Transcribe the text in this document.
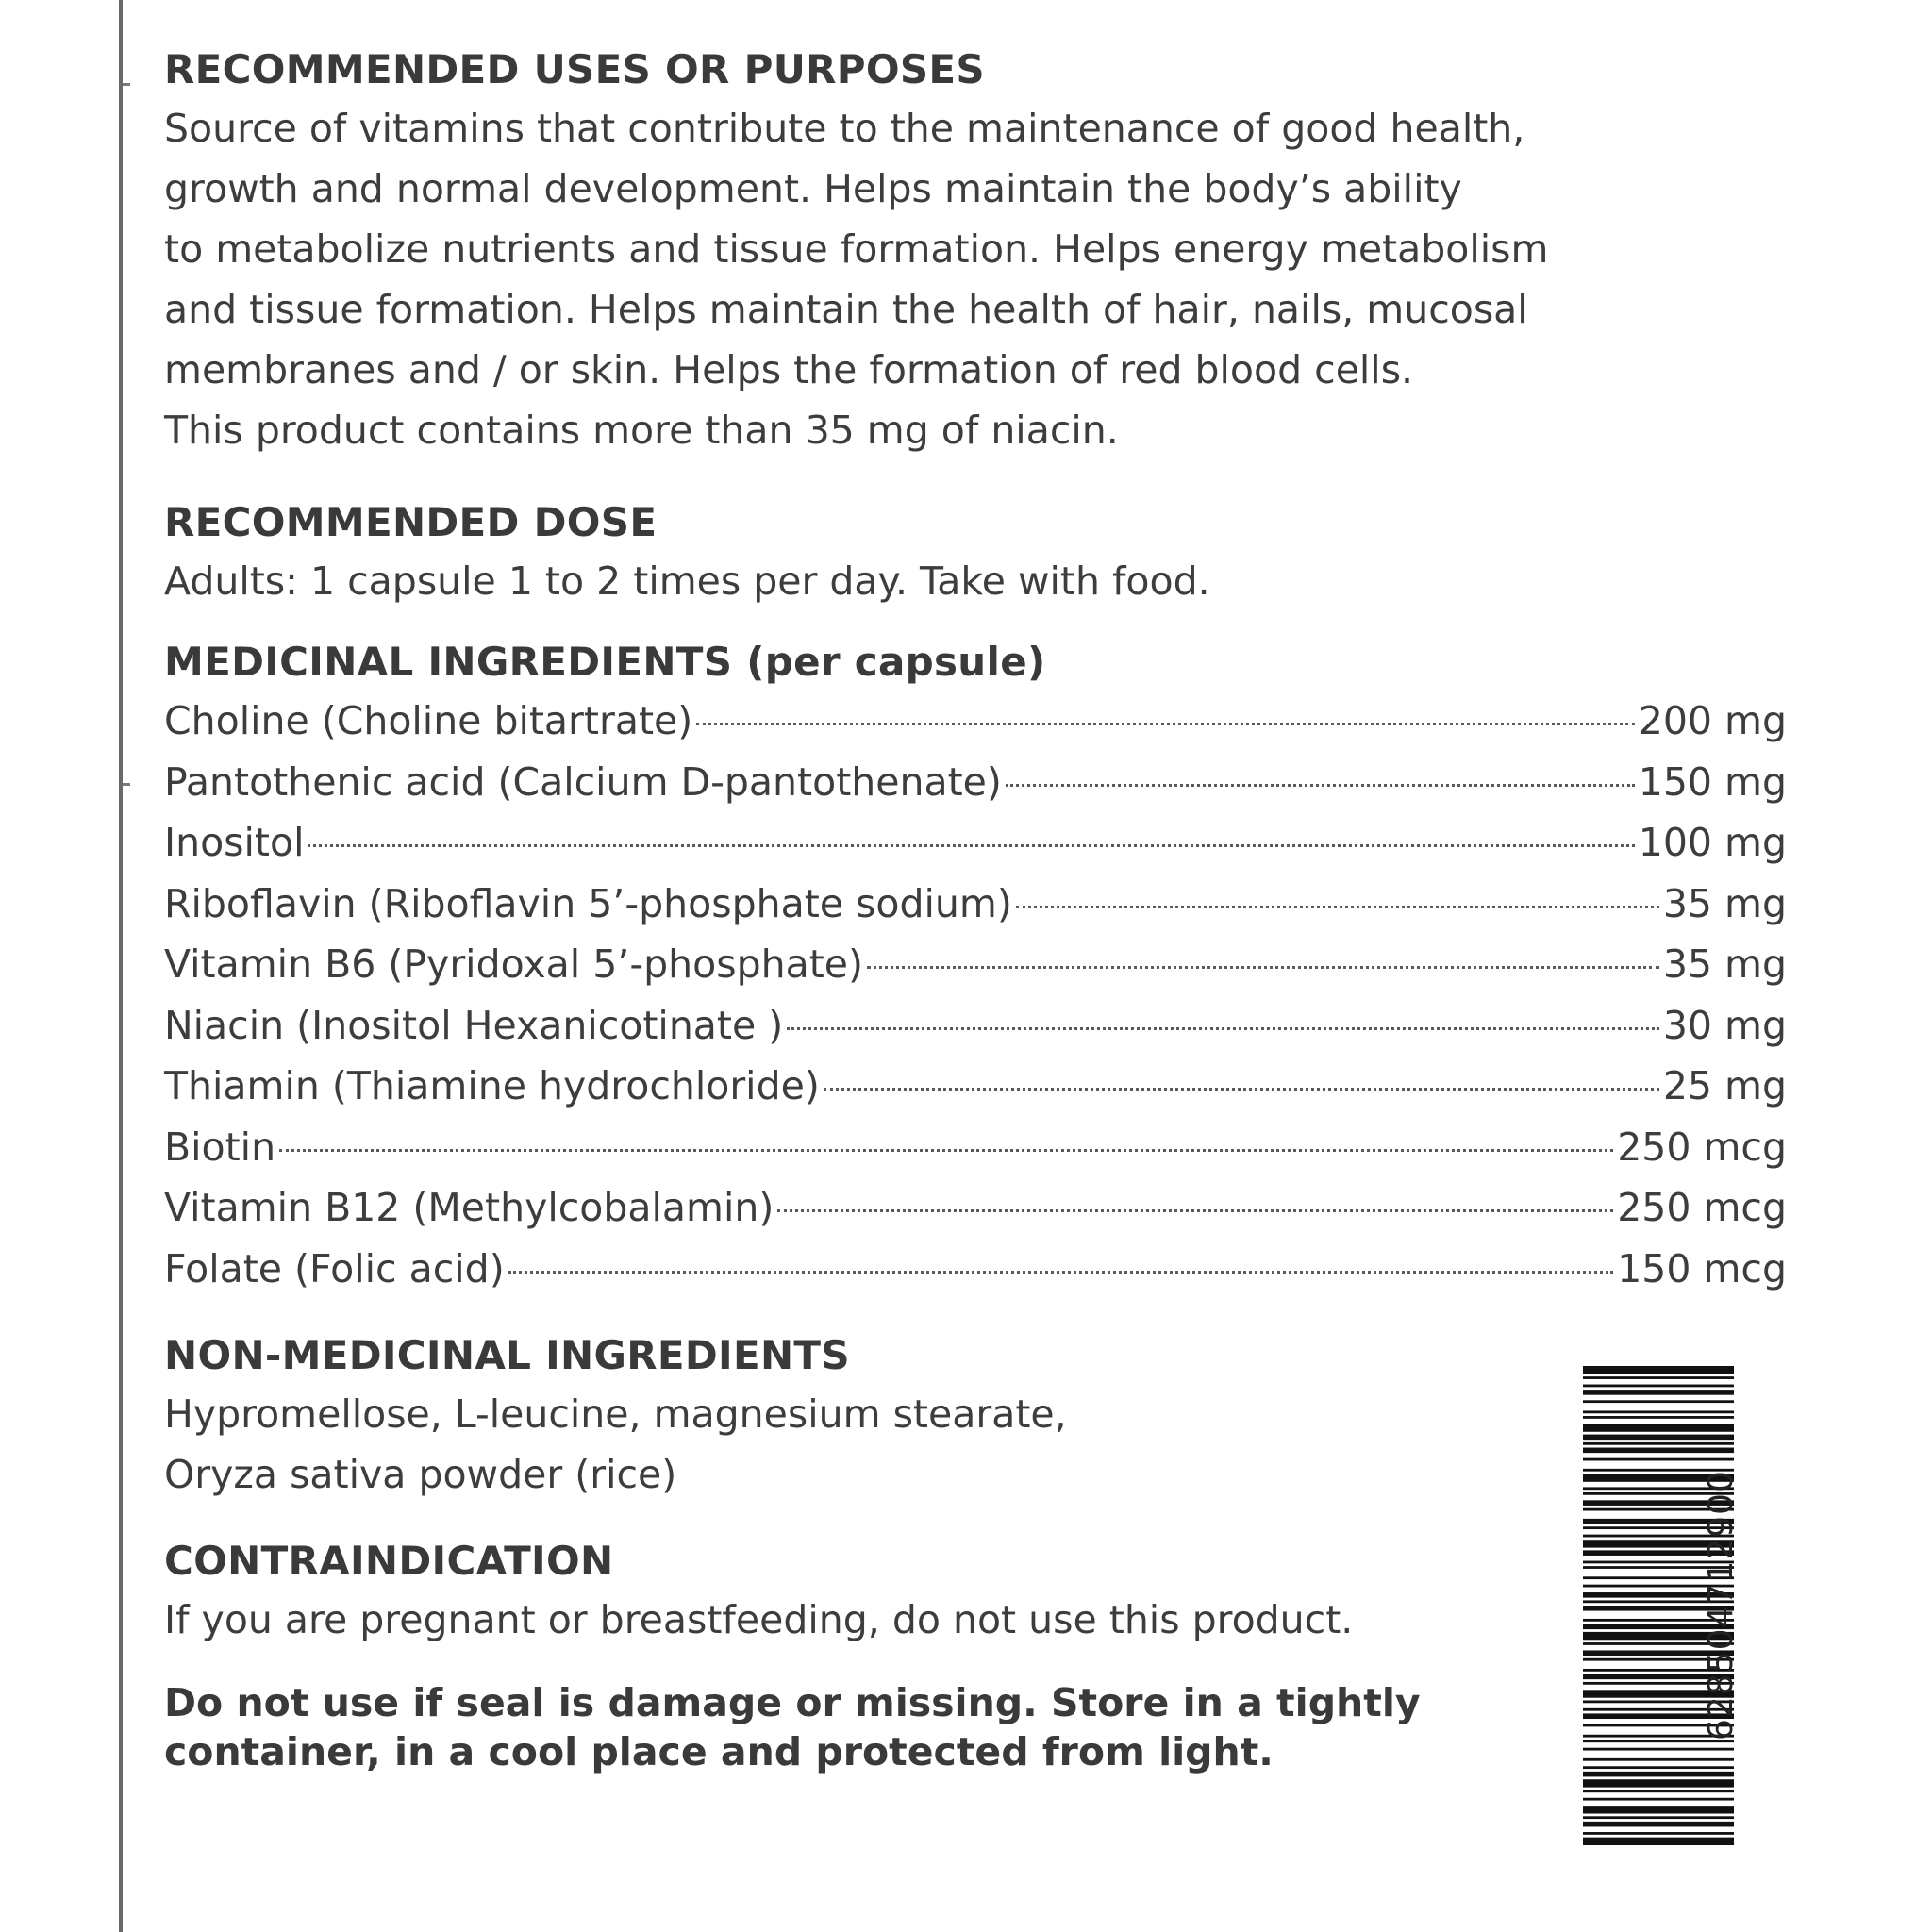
RECOMMENDED USES OR PURPOSES
Source of vitamins that contribute to the maintenance of good health,
growth and normal development. Helps maintain the body’s ability
to metabolize nutrients and tissue formation. Helps energy metabolism
and tissue formation. Helps maintain the health of hair, nails, mucosal
membranes and / or skin. Helps the formation of red blood cells.
This product contains more than 35 mg of niacin.
RECOMMENDED DOSE
Adults: 1 capsule 1 to 2 times per day. Take with food.
MEDICINAL INGREDIENTS (per capsule)
Choline (Choline bitartrate)	200 mg
Pantothenic acid (Calcium D-pantothenate)	150 mg
Inositol	100 mg
Riboflavin (Riboflavin 5’-phosphate sodium)	35 mg
Vitamin B6 (Pyridoxal 5’-phosphate)	35 mg
Niacin (Inositol Hexanicotinate )	30 mg
Thiamin (Thiamine hydrochloride)	25 mg
Biotin	250 mcg
Vitamin B12 (Methylcobalamin)	250 mcg
Folate (Folic acid)	150 mcg
NON-MEDICINAL INGREDIENTS
Hypromellose, L-leucine, magnesium stearate,
Oryza sativa powder (rice)
CONTRAINDICATION
If you are pregnant or breastfeeding, do not use this product.
Do not use if seal is damage or missing. Store in a tightly
container, in a cool place and protected from light.
628504712900
